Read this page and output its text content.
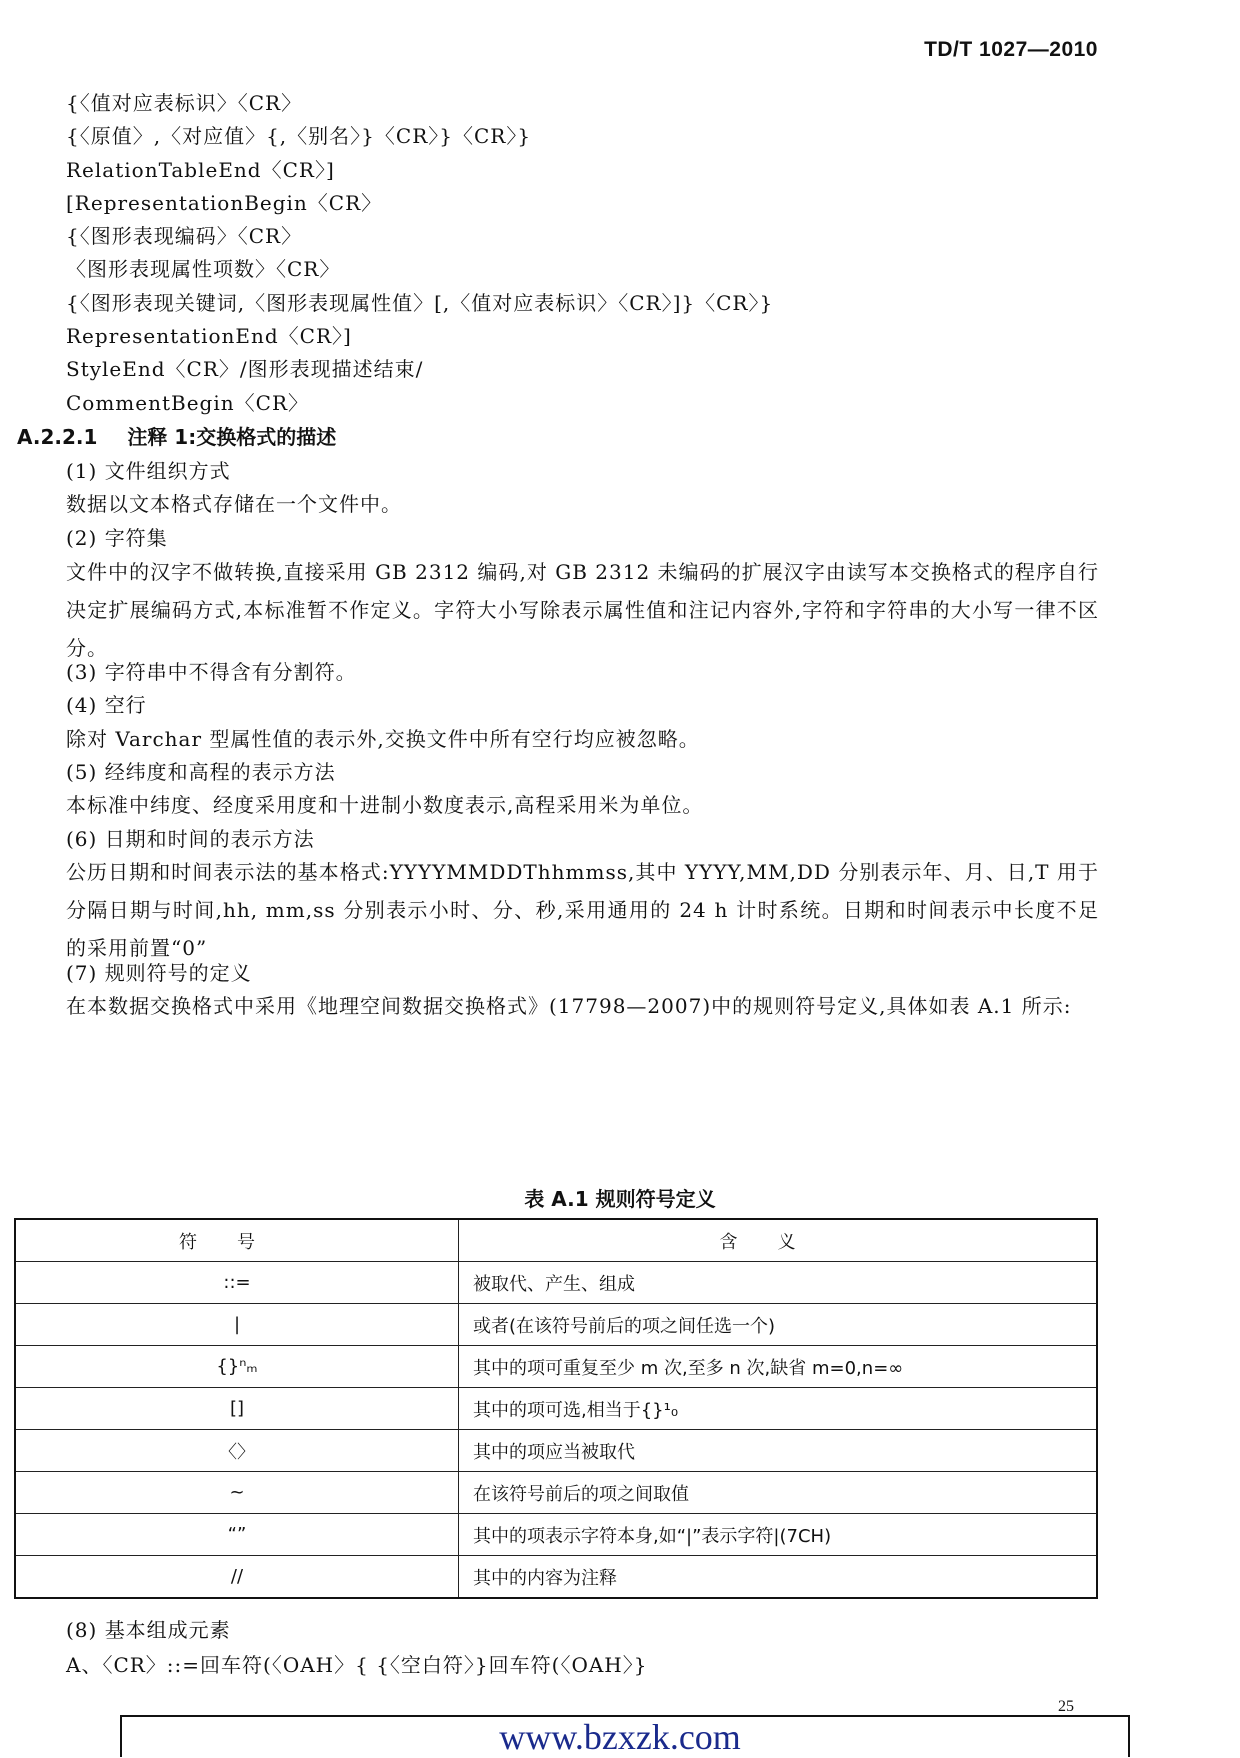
TD/T 1027—2010
{〈值对应表标识〉〈CR〉
{〈原值〉,〈对应值〉{,〈别名〉}〈CR〉}〈CR〉}
RelationTableEnd〈CR〉]
[RepresentationBegin〈CR〉
{〈图形表现编码〉〈CR〉
〈图形表现属性项数〉〈CR〉
{〈图形表现关键词,〈图形表现属性值〉[,〈值对应表标识〉〈CR〉]}〈CR〉}
RepresentationEnd〈CR〉]
StyleEnd〈CR〉/图形表现描述结束/
CommentBegin〈CR〉
A.2.2.1 注释 1:交换格式的描述
(1) 文件组织方式
数据以文本格式存储在一个文件中。
(2) 字符集
文件中的汉字不做转换,直接采用 GB 2312 编码,对 GB 2312 未编码的扩展汉字由读写本交换格式的程序自行决定扩展编码方式,本标准暂不作定义。字符大小写除表示属性值和注记内容外,字符和字符串的大小写一律不区分。
(3) 字符串中不得含有分割符。
(4) 空行
除对 Varchar 型属性值的表示外,交换文件中所有空行均应被忽略。
(5) 经纬度和高程的表示方法
本标准中纬度、经度采用度和十进制小数度表示,高程采用米为单位。
(6) 日期和时间的表示方法
公历日期和时间表示法的基本格式:YYYYMMDDThhmmss,其中 YYYY,MM,DD 分别表示年、月、日,T 用于分隔日期与时间,hh, mm,ss 分别表示小时、分、秒,采用通用的 24 h 计时系统。日期和时间表示中长度不足的采用前置“0”
(7) 规则符号的定义
在本数据交换格式中采用《地理空间数据交换格式》(17798—2007)中的规则符号定义,具体如表 A.1 所示:
表 A.1 规则符号定义
符号	含义
::=	被取代、产生、组成
|	或者(在该符号前后的项之间任选一个)
{}ⁿₘ	其中的项可重复至少 m 次,至多 n 次,缺省 m=0,n=∞
[]	其中的项可选,相当于{}¹₀
〈〉	其中的项应当被取代
~	在该符号前后的项之间取值
“”	其中的项表示字符本身,如“|”表示字符|(7CH)
//	其中的内容为注释
(8) 基本组成元素
A、〈CR〉::=回车符(〈OAH〉{ {〈空白符〉}回车符(〈OAH〉}
25
www.bzxzk.com
